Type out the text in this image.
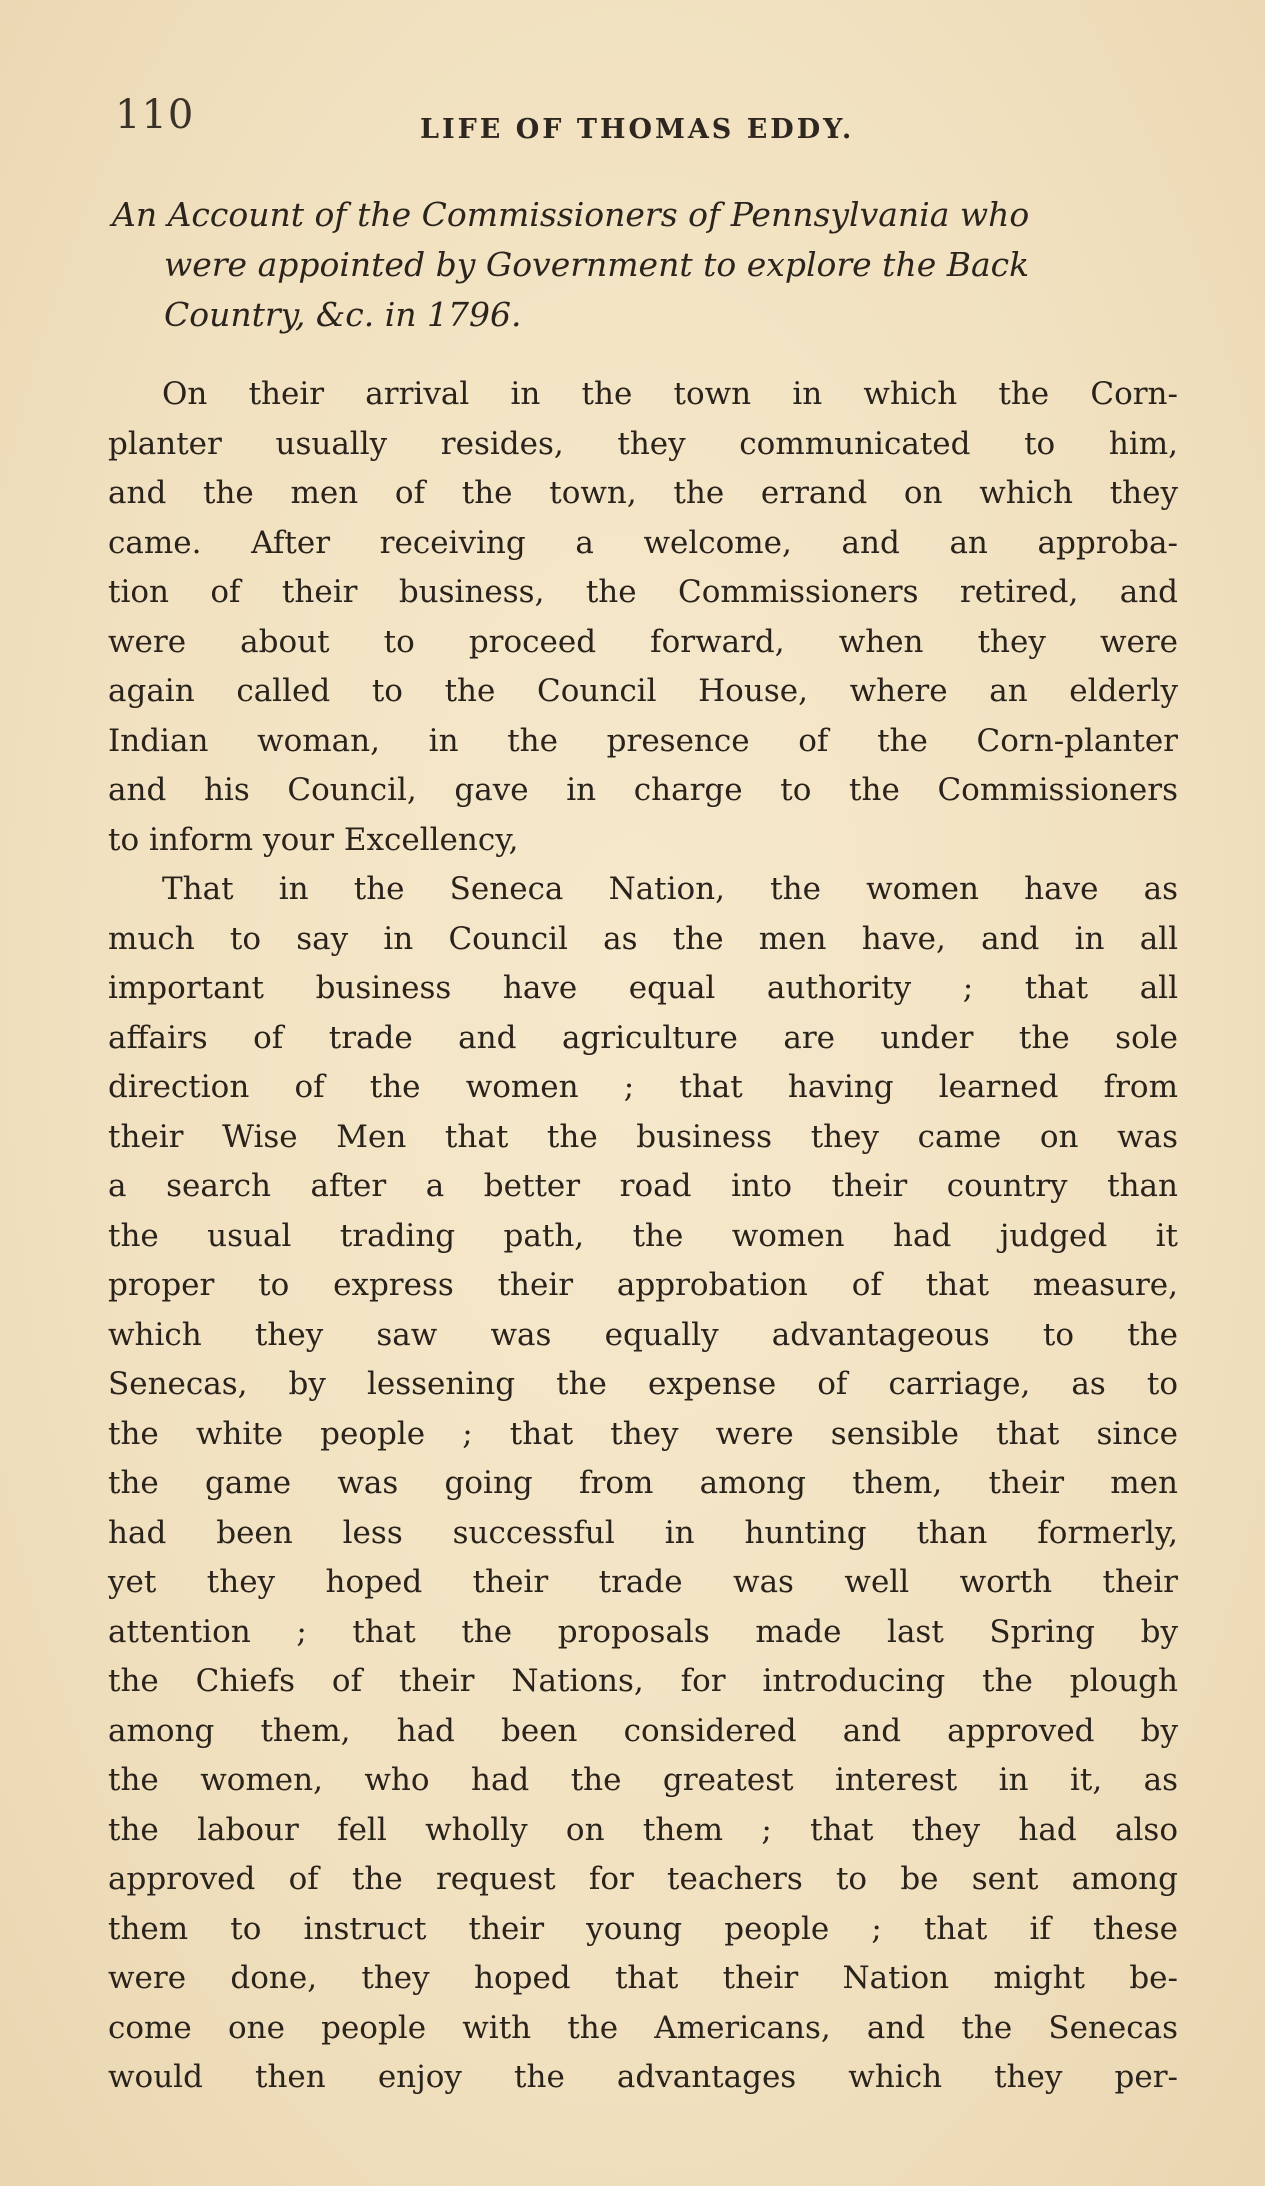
110	LIFE OF THOMAS EDDY.

An Account of the Commissioners of Pennsylvania who

were appointed by Government to explore the Back

Country, &c. in 1796.

On their arrival in the town in which the Corn-
planter usually resides, they communicated to him,
and the men of the town, the errand on which they
came. After receiving a welcome, and an approba-
tion of their business, the Commissioners retired, and
were about to proceed forward, when they were
again called to the Council House, where an elderly
Indian woman, in the presence of the Corn-planter
and his Council, gave in charge to the Commissioners
to inform your Excellency,
That in the Seneca Nation, the women have as
much to say in Council as the men have, and in all
important business have equal authority ; that all
affairs of trade and agriculture are under the sole
direction of the women ; that having learned from
their Wise Men that the business they came on was
a search after a better road into their country than
the usual trading path, the women had judged it
proper to express their approbation of that measure,
which they saw was equally advantageous to the
Senecas, by lessening the expense of carriage, as to
the white people ; that they were sensible that since
the game was going from among them, their men
had been less successful in hunting than formerly,
yet they hoped their trade was well worth their
attention ; that the proposals made last Spring by
the Chiefs of their Nations, for introducing the plough
among them, had been considered and approved by
the women, who had the greatest interest in it, as
the labour fell wholly on them ; that they had also
approved of the request for teachers to be sent among
them to instruct their young people ; that if these
were done, they hoped that their Nation might be-
come one people with the Americans, and the Senecas
would then enjoy the advantages which they per-
